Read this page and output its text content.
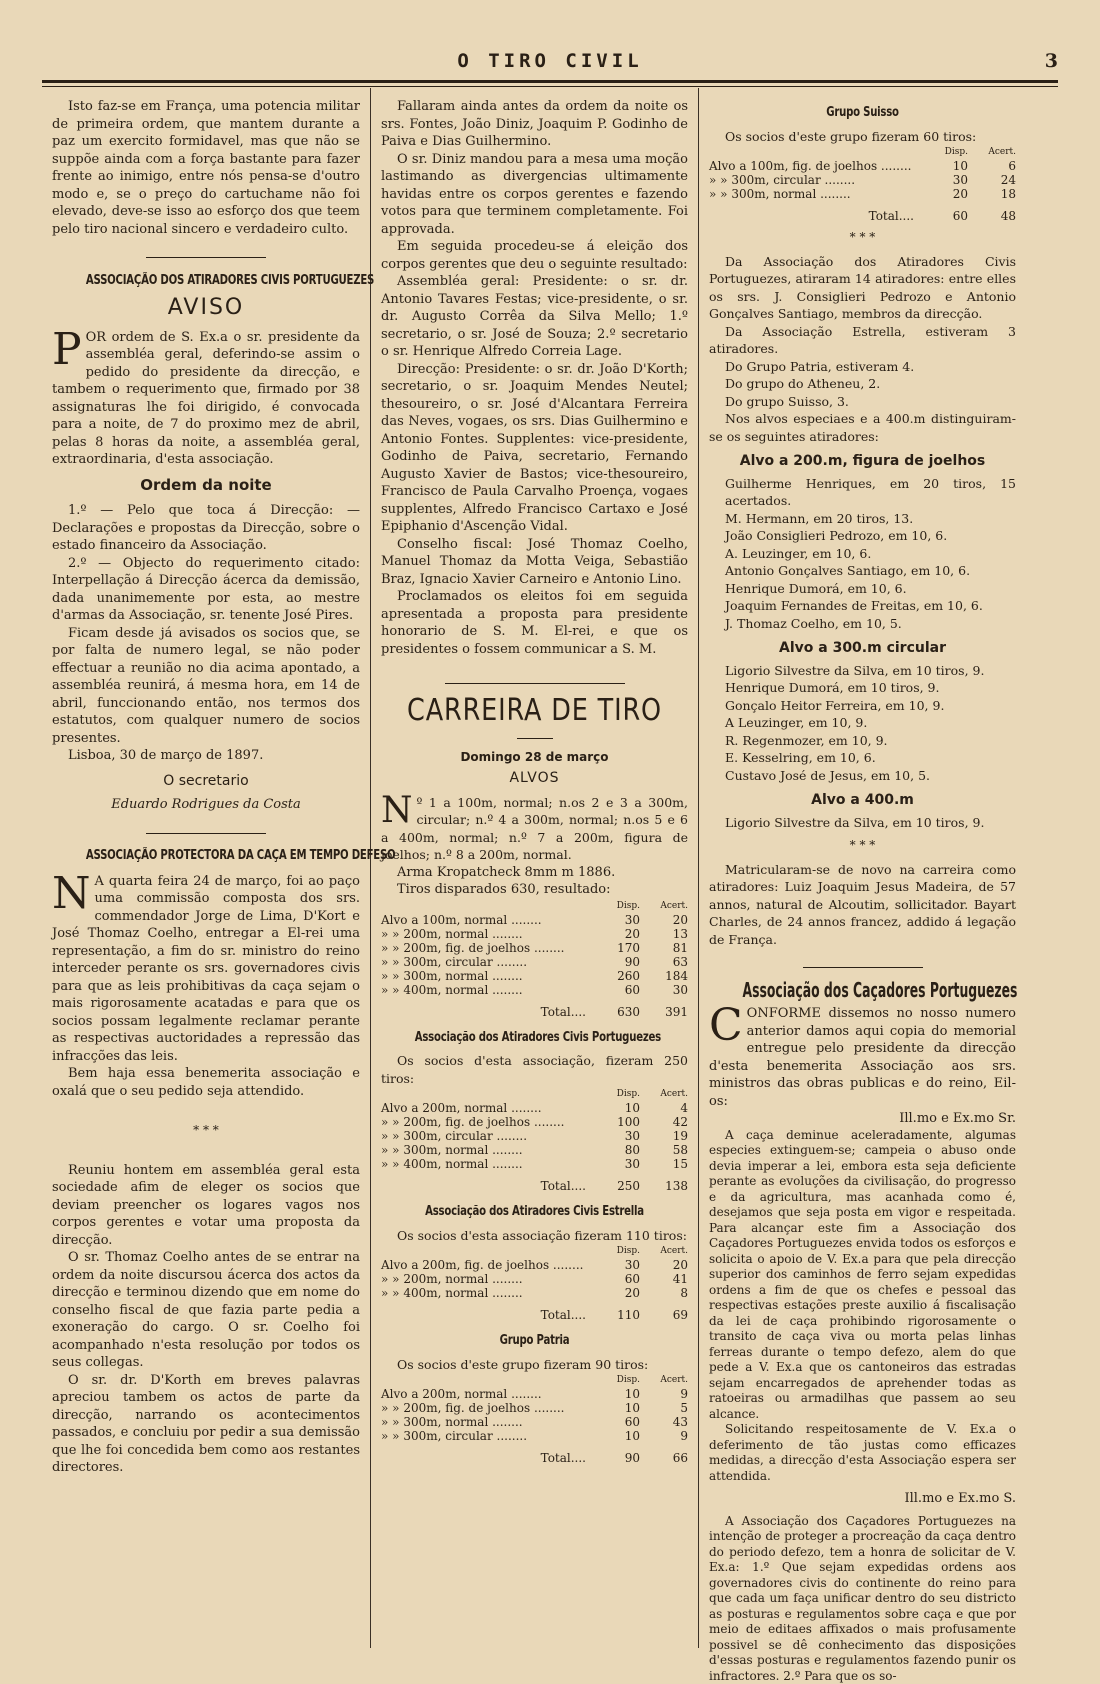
O TIRO CIVIL	3

Isto faz-se em França, uma potencia militar de primeira ordem, que mantem durante a paz um exercito formidavel, mas que não se suppõe ainda com a força bastante para fazer frente ao inimigo, entre nós pensa-se d'outro modo e, se o preço do cartuchame não foi elevado, deve-se isso ao esforço dos que teem pelo tiro nacional sincero e verdadeiro culto.

ASSOCIAÇÃO DOS ATIRADORES CIVIS PORTUGUEZES
AVISO

POR ordem de S. Ex.a o sr. presidente da assembléa geral, deferindo-se assim o pedido do presidente da direcção, e tambem o requerimento que, firmado por 38 assignaturas lhe foi dirigido, é convocada para a noite, de 7 do proximo mez de abril, pelas 8 horas da noite, a assembléa geral, extraordinaria, d'esta associação.

Ordem da noite

1.º — Pelo que toca á Direcção: — Declarações e propostas da Direcção, sobre o estado financeiro da Associação.

2.º — Objecto do requerimento citado: Interpellação á Direcção ácerca da demissão, dada unanimemente por esta, ao mestre d'armas da Associação, sr. tenente José Pires.

Ficam desde já avisados os socios que, se por falta de numero legal, se não poder effectuar a reunião no dia acima apontado, a assembléa reunirá, á mesma hora, em 14 de abril, funccionando então, nos termos dos estatutos, com qualquer numero de socios presentes.

Lisboa, 30 de março de 1897.

O secretario
Eduardo Rodrigues da Costa
ASSOCIAÇÃO PROTECTORA DA CAÇA EM TEMPO DEFESO

N A quarta feira 24 de março, foi ao paço uma commissão composta dos srs. commendador Jorge de Lima, D'Kort e José Thomaz Coelho, entregar a El-rei uma representação, a fim do sr. ministro do reino interceder perante os srs. governadores civis para que as leis prohibitivas da caça sejam o mais rigorosamente acatadas e para que os socios possam legalmente reclamar perante as respectivas auctoridades a repressão das infracções das leis.

Bem haja essa benemerita associação e oxalá que o seu pedido seja attendido.

* * *

Reuniu hontem em assembléa geral esta sociedade afim de eleger os socios que deviam preencher os logares vagos nos corpos gerentes e votar uma proposta da direcção.

O sr. Thomaz Coelho antes de se entrar na ordem da noite discursou ácerca dos actos da direcção e terminou dizendo que em nome do conselho fiscal de que fazia parte pedia a exoneração do cargo. O sr. Coelho foi acompanhado n'esta resolução por todos os seus collegas.

O sr. dr. D'Korth em breves palavras apreciou tambem os actos de parte da direcção, narrando os acontecimentos passados, e concluiu por pedir a sua demissão que lhe foi concedida bem como aos restantes directores.

Fallaram ainda antes da ordem da noite os srs. Fontes, João Diniz, Joaquim P. Godinho de Paiva e Dias Guilhermino.

O sr. Diniz mandou para a mesa uma moção lastimando as divergencias ultimamente havidas entre os corpos gerentes e fazendo votos para que terminem completamente. Foi approvada.

Em seguida procedeu-se á eleição dos corpos gerentes que deu o seguinte resultado:

Assembléa geral: Presidente: o sr. dr. Antonio Tavares Festas; vice-presidente, o sr. dr. Augusto Corrêa da Silva Mello; 1.º secretario, o sr. José de Souza; 2.º secretario o sr. Henrique Alfredo Correia Lage.

Direcção: Presidente: o sr. dr. João D'Korth; secretario, o sr. Joaquim Mendes Neutel; thesoureiro, o sr. José d'Alcantara Ferreira das Neves, vogaes, os srs. Dias Guilhermino e Antonio Fontes. Supplentes: vice-presidente, Godinho de Paiva, secretario, Fernando Augusto Xavier de Bastos; vice-thesoureiro, Francisco de Paula Carvalho Proença, vogaes supplentes, Alfredo Francisco Cartaxo e José Epiphanio d'Ascenção Vidal.

Conselho fiscal: José Thomaz Coelho, Manuel Thomaz da Motta Veiga, Sebastião Braz, Ignacio Xavier Carneiro e Antonio Lino.

Proclamados os eleitos foi em seguida apresentada a proposta para presidente honorario de S. M. El-rei, e que os presidentes o fossem communicar a S. M.

CARREIRA DE TIRO
Domingo 28 de março
ALVOS

Nº 1 a 100m, normal; n.os 2 e 3 a 300m, circular; n.º 4 a 300m, normal; n.os 5 e 6 a 400m, normal; n.º 7 a 200m, figura de joelhos; n.º 8 a 200m, normal.

Arma Kropatcheck 8mm m 1886.

Tiros disparados 630, resultado:

	Disp.	Acert.
Alvo a 100m, normal ........	30	20
» » 200m, normal ........	20	13
» » 200m, fig. de joelhos ........	170	81
» » 300m, circular ........	90	63
» » 300m, normal ........	260	184
» » 400m, normal ........	60	30
Total....	630	391
Associação dos Atiradores Civis Portuguezes

Os socios d'esta associação, fizeram 250 tiros:

	Disp.	Acert.
Alvo a 200m, normal ........	10	4
» » 200m, fig. de joelhos ........	100	42
» » 300m, circular ........	30	19
» » 300m, normal ........	80	58
» » 400m, normal ........	30	15
Total....	250	138
Associação dos Atiradores Civis Estrella

Os socios d'esta associação fizeram 110 tiros:

	Disp.	Acert.
Alvo a 200m, fig. de joelhos ........	30	20
» » 200m, normal ........	60	41
» » 400m, normal ........	20	8
Total....	110	69
Grupo Patria

Os socios d'este grupo fizeram 90 tiros:

	Disp.	Acert.
Alvo a 200m, normal ........	10	9
» » 200m, fig. de joelhos ........	10	5
» » 300m, normal ........	60	43
» » 300m, circular ........	10	9
Total....	90	66
Grupo Suisso

Os socios d'este grupo fizeram 60 tiros:

	Disp.	Acert.
Alvo a 100m, fig. de joelhos ........	10	6
» » 300m, circular ........	30	24
» » 300m, normal ........	20	18
Total....	60	48
* * *

Da Associação dos Atiradores Civis Portuguezes, atiraram 14 atiradores: entre elles os srs. J. Consiglieri Pedrozo e Antonio Gonçalves Santiago, membros da direcção.

Da Associação Estrella, estiveram 3 atiradores.

Do Grupo Patria, estiveram 4.

Do grupo do Atheneu, 2.

Do grupo Suisso, 3.

Nos alvos especiaes e a 400.m distinguiram-se os seguintes atiradores:

Alvo a 200.m, figura de joelhos

Guilherme Henriques, em 20 tiros, 15 acertados.

M. Hermann, em 20 tiros, 13.

João Consiglieri Pedrozo, em 10, 6.

A. Leuzinger, em 10, 6.

Antonio Gonçalves Santiago, em 10, 6.

Henrique Dumorá, em 10, 6.

Joaquim Fernandes de Freitas, em 10, 6.

J. Thomaz Coelho, em 10, 5.

Alvo a 300.m circular

Ligorio Silvestre da Silva, em 10 tiros, 9.

Henrique Dumorá, em 10 tiros, 9.

Gonçalo Heitor Ferreira, em 10, 9.

A Leuzinger, em 10, 9.

R. Regenmozer, em 10, 9.

E. Kesselring, em 10, 6.

Custavo José de Jesus, em 10, 5.

Alvo a 400.m

Ligorio Silvestre da Silva, em 10 tiros, 9.

* * *

Matricularam-se de novo na carreira como atiradores: Luiz Joaquim Jesus Madeira, de 57 annos, natural de Alcoutim, sollicitador. Bayart Charles, de 24 annos francez, addido á legação de França.

Associação dos Caçadores Portuguezes

CONFORME dissemos no nosso numero anterior damos aqui copia do memorial entregue pelo presidente da direcção d'esta benemerita Associação aos srs. ministros das obras publicas e do reino, Eil-os:

Ill.mo e Ex.mo Sr.

A caça deminue aceleradamente, algumas especies extinguem-se; campeia o abuso onde devia imperar a lei, embora esta seja deficiente perante as evoluções da civilisação, do progresso e da agricultura, mas acanhada como é, desejamos que seja posta em vigor e respeitada. Para alcançar este fim a Associação dos Caçadores Portuguezes envida todos os esforços e solicita o apoio de V. Ex.a para que pela direcção superior dos caminhos de ferro sejam expedidas ordens a fim de que os chefes e pessoal das respectivas estações preste auxilio á fiscalisação da lei de caça prohibindo rigorosamente o transito de caça viva ou morta pelas linhas ferreas durante o tempo defezo, alem do que pede a V. Ex.a que os cantoneiros das estradas sejam encarregados de aprehender todas as ratoeiras ou armadilhas que passem ao seu alcance.

Solicitando respeitosamente de V. Ex.a o deferimento de tão justas como efficazes medidas, a direcção d'esta Associação espera ser attendida.

Ill.mo e Ex.mo S.

A Associação dos Caçadores Portuguezes na intenção de proteger a procreação da caça dentro do periodo defezo, tem a honra de solicitar de V. Ex.a: 1.º Que sejam expedidas ordens aos governadores civis do continente do reino para que cada um faça unificar dentro do seu districto as posturas e regulamentos sobre caça e que por meio de editaes affixados o mais profusamente possivel se dê conhecimento das disposições d'essas posturas e regulamentos fazendo punir os infractores. 2.º Para que os so-
